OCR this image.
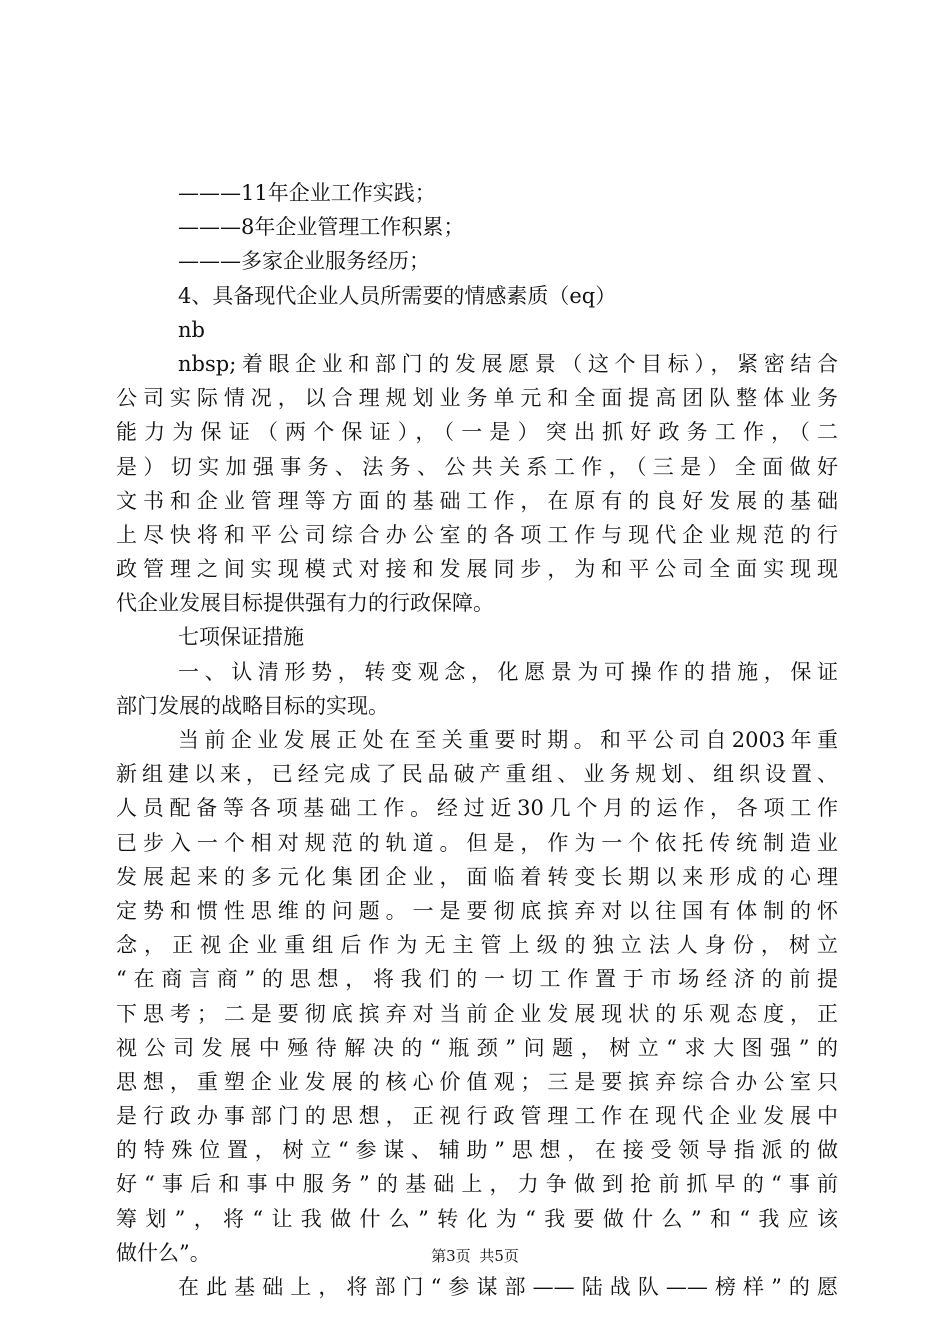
———11年企业工作实践；
———8年企业管理工作积累；
———多家企业服务经历；
4、具备现代企业人员所需要的情感素质（eq）
nb
nbsp;着眼企业和部门的发展愿景（这个目标），紧密结合
公司实际情况，以合理规划业务单元和全面提高团队整体业务
能力为保证（两个保证），（一是）突出抓好政务工作，（二
是）切实加强事务、法务、公共关系工作，（三是）全面做好
文书和企业管理等方面的基础工作，在原有的良好发展的基础
上尽快将和平公司综合办公室的各项工作与现代企业规范的行
政管理之间实现模式对接和发展同步，为和平公司全面实现现
代企业发展目标提供强有力的行政保障。
七项保证措施
一、认清形势，转变观念，化愿景为可操作的措施，保证
部门发展的战略目标的实现。
当前企业发展正处在至关重要时期。和平公司自2003年重
新组建以来，已经完成了民品破产重组、业务规划、组织设置、
人员配备等各项基础工作。经过近30几个月的运作，各项工作
已步入一个相对规范的轨道。但是，作为一个依托传统制造业
发展起来的多元化集团企业，面临着转变长期以来形成的心理
定势和惯性思维的问题。一是要彻底摈弃对以往国有体制的怀
念，正视企业重组后作为无主管上级的独立法人身份，树立
“在商言商”的思想，将我们的一切工作置于市场经济的前提
下思考；二是要彻底摈弃对当前企业发展现状的乐观态度，正
视公司发展中殛待解决的“瓶颈”问题，树立“求大图强”的
思想，重塑企业发展的核心价值观；三是要摈弃综合办公室只
是行政办事部门的思想，正视行政管理工作在现代企业发展中
的特殊位置，树立“参谋、辅助”思想，在接受领导指派的做
好“事后和事中服务”的基础上，力争做到抢前抓早的“事前
筹划”，将“让我做什么”转化为“我要做什么”和“我应该
做什么”。
在此基础上，将部门“参谋部——陆战队——榜样”的愿
第3页 共5页
